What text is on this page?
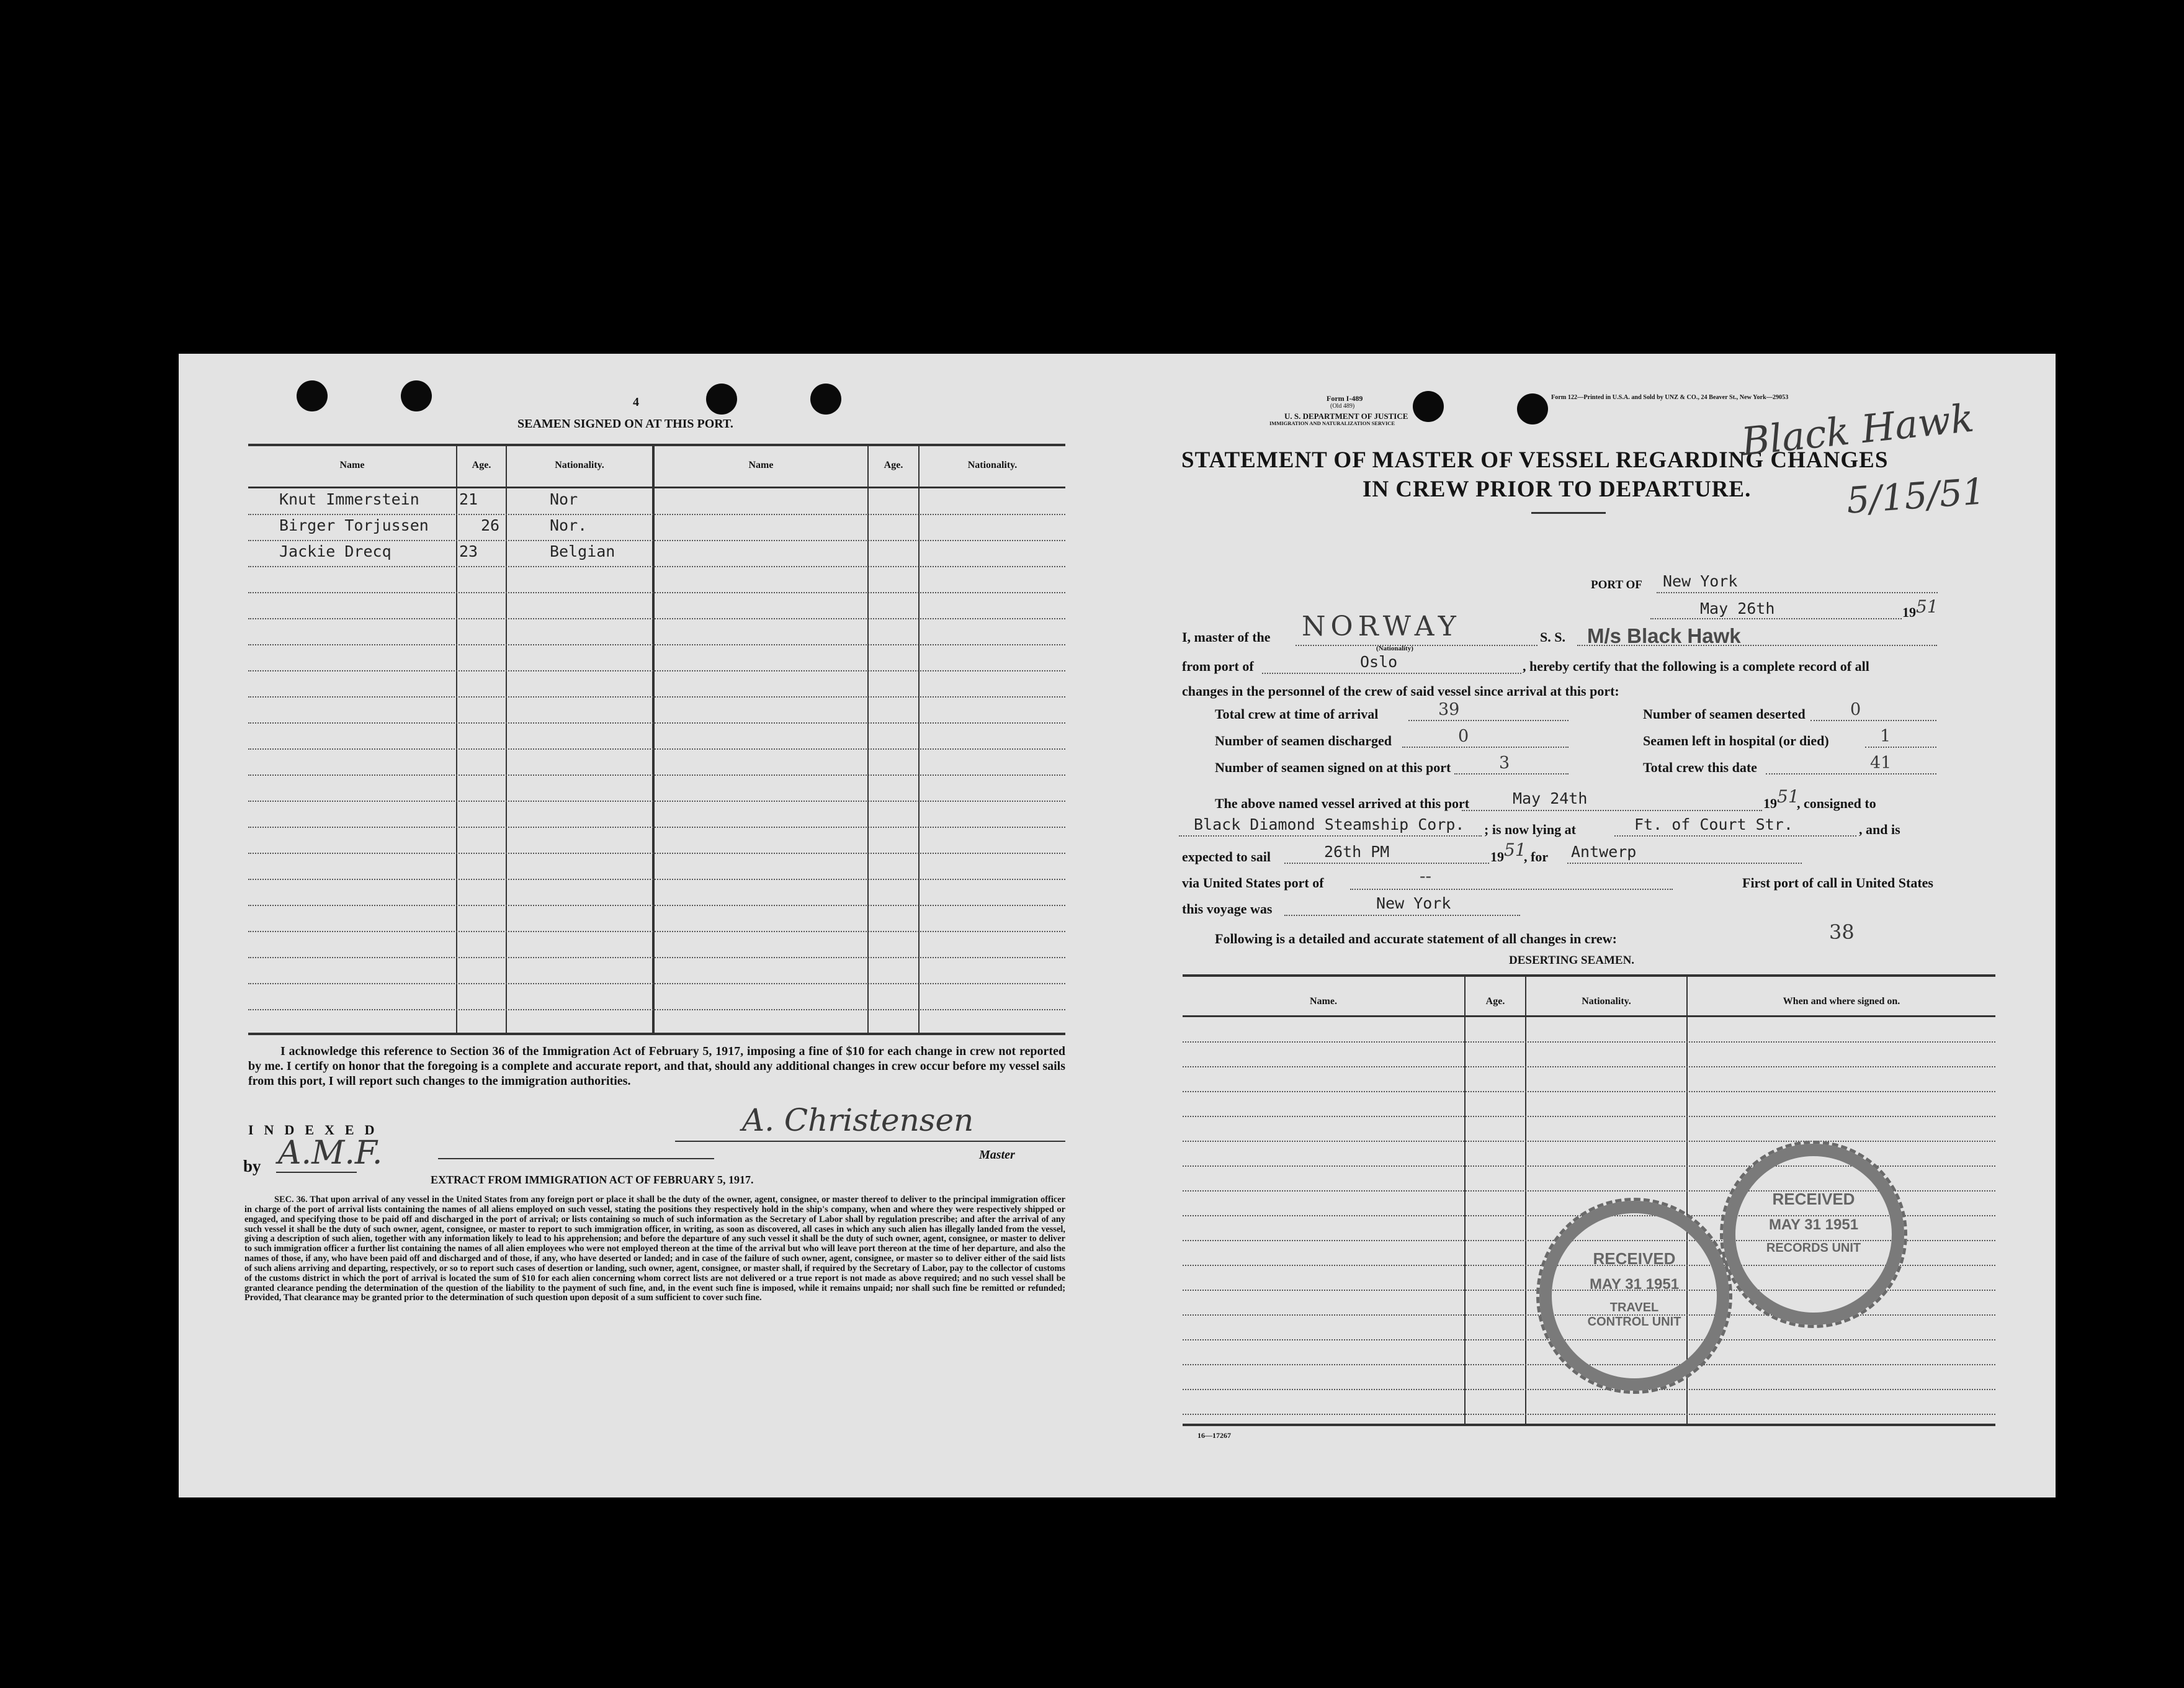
4
SEAMEN SIGNED ON AT THIS PORT.
Name	Age.	Nationality.	Name	Age.	Nationality.
Knut Immerstein	21	Nor
Birger Torjussen	26	Nor.
Jackie Drecq	23	Belgian
I acknowledge this reference to Section 36 of the Immigration Act of February 5, 1917, imposing a fine of $10 for each change in crew not reported by me. I certify on honor that the foregoing is a complete and accurate report, and that, should any additional changes in crew occur before my vessel sails from this port, I will report such changes to the immigration authorities.
INDEXED
by A.M.F.
A. Christensen
Master
EXTRACT FROM IMMIGRATION ACT OF FEBRUARY 5, 1917.
SEC. 36. That upon arrival of any vessel in the United States from any foreign port or place it shall be the duty of the owner, agent, consignee, or master thereof to deliver to the principal immigration officer in charge of the port of arrival lists containing the names of all aliens employed on such vessel, stating the positions they respectively hold in the ship's company, when and where they were respectively shipped or engaged, and specifying those to be paid off and discharged in the port of arrival; or lists containing so much of such information as the Secretary of Labor shall by regulation prescribe; and after the arrival of any such vessel it shall be the duty of such owner, agent, consignee, or master to report to such immigration officer, in writing, as soon as discovered, all cases in which any such alien has illegally landed from the vessel, giving a description of such alien, together with any information likely to lead to his apprehension; and before the departure of any such vessel it shall be the duty of such owner, agent, consignee, or master to deliver to such immigration officer a further list containing the names of all alien employees who were not employed thereon at the time of the arrival but who will leave port thereon at the time of her departure, and also the names of those, if any, who have been paid off and discharged and of those, if any, who have deserted or landed; and in case of the failure of such owner, agent, consignee, or master so to deliver either of the said lists of such aliens arriving and departing, respectively, or so to report such cases of desertion or landing, such owner, agent, consignee, or master shall, if required by the Secretary of Labor, pay to the collector of customs of the customs district in which the port of arrival is located the sum of $10 for each alien concerning whom correct lists are not delivered or a true report is not made as above required; and no such vessel shall be granted clearance pending the determination of the question of the liability to the payment of such fine, and, in the event such fine is imposed, while it remains unpaid; nor shall such fine be remitted or refunded; Provided, That clearance may be granted prior to the determination of such question upon deposit of a sum sufficient to cover such fine.
Form I-489
(Old 489)
U. S. DEPARTMENT OF JUSTICE
IMMIGRATION AND NATURALIZATION SERVICE
Form 122—Printed in U.S.A. and Sold by UNZ & CO., 24 Beaver St., New York—29053
STATEMENT OF MASTER OF VESSEL REGARDING CHANGES
IN CREW PRIOR TO DEPARTURE.
Black Hawk
5/15/51
PORT OF New York
May 26th	19 51
I, master of the NORWAY
(Nationality)
S. S. M/s Black Hawk
from port of	Oslo	, hereby certify that the following is a complete record of all
changes in the personnel of the crew of said vessel since arrival at this port:
Total crew at time of arrival	39	Number of seamen deserted	0
Number of seamen discharged	0	Seamen left in hospital (or died)	1
Number of seamen signed on at this port	3	Total crew this date	41
The above named vessel arrived at this port	May 24th	19 51
, consigned to
Black Diamond Steamship Corp. ; is now lying at	Ft. of Court Str.	, and is
expected to sail	26th PM	19 51
, for Antwerp
via United States port of	--	First port of call in United States
this voyage was	New York
Following is a detailed and accurate statement of all changes in crew:	38
DESERTING SEAMEN.
Name.	Age.	Nationality.	When and where signed on.
RECEIVED
MAY 31 1951
RECORDS UNIT
RECEIVED
MAY 31 1951
TRAVEL CONTROL UNIT
16—17267
